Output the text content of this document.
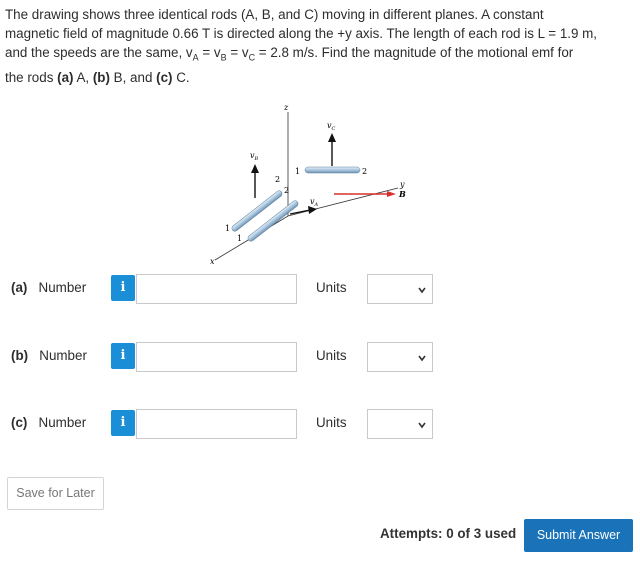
The drawing shows three identical rods (A, B, and C) moving in different planes. A constant
magnetic field of magnitude 0.66 T is directed along the +y axis. The length of each rod is L = 1.9 m,
and the speeds are the same, $v_A = v_B = v_C = 2.8$ m/s. Find the magnitude of the motional emf for
the rods (a) A, (b) B, and (c) C.
z
y
x
1	2
$v_C$
B
1
2
$v_B$
1
2
$v_A$
(a) Number	i	Units
(b) Number	i	Units
(c) Number	i	Units
Save for Later
Attempts: 0 of 3 used	Submit Answer
